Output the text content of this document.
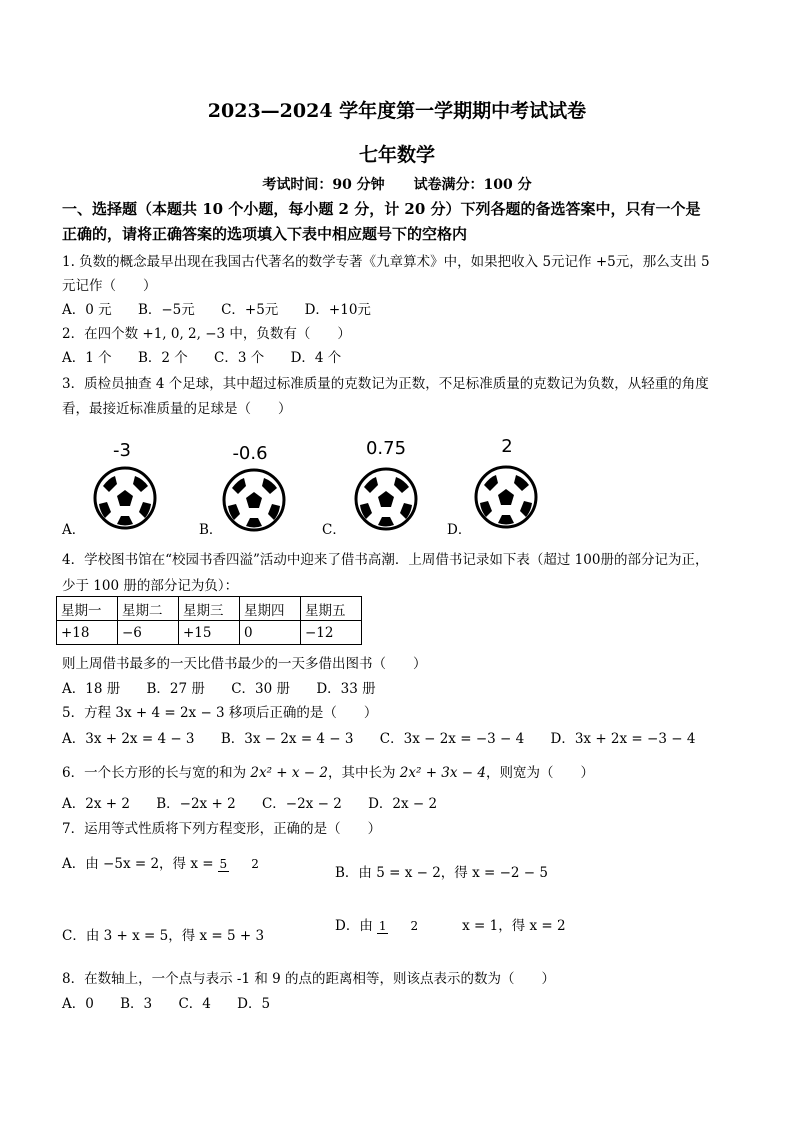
2023—2024 学年度第一学期期中考试试卷
七年数学
考试时间：90 分钟 试卷满分：100 分
一、选择题（本题共 10 个小题，每小题 2 分，计 20 分）下列各题的备选答案中，只有一个是
正确的，请将正确答案的选项填入下表中相应题号下的空格内
1. 负数的概念最早出现在我国古代著名的数学专著《九章算术》中，如果把收入 5元记作 +5元，那么支出 5
元记作（　　）
A．0 元 B．−5元 C．+5元 D．+10元
2．在四个数 +1, 0, 2, −3 中，负数有（　　）
A．1 个 B．2 个 C．3 个 D．4 个
3．质检员抽查 4 个足球，其中超过标准质量的克数记为正数，不足标准质量的克数记为负数，从轻重的角度
看，最接近标准质量的足球是（　　）
-3	-0.6	0.75	2
A．	B．	C．	D．
4．学校图书馆在“校园书香四溢”活动中迎来了借书高潮．上周借书记录如下表（超过 100册的部分记为正，
少于 100 册的部分记为负）：
星期一	星期二	星期三	星期四	星期五
+18	−6	+15	0	−12
则上周借书最多的一天比借书最少的一天多借出图书（　　）
A．18 册 B．27 册 C．30 册 D．33 册
5．方程 3x + 4 = 2x − 3 移项后正确的是（　　）
A．3x + 2x = 4 − 3 B．3x − 2x = 4 − 3 C．3x − 2x = −3 − 4 D．3x + 2x = −3 − 4
6．一个长方形的长与宽的和为 2x² + x − 2，其中长为 2x² + 3x − 4，则宽为（　　）
A．2x + 2 B．−2x + 2 C．−2x − 2 D．2x − 2
7．运用等式性质将下列方程变形，正确的是（　　）
A．由 −5x = 2，得 x = 5 2
B．由 5 = x − 2，得 x = −2 − 5
C．由 3 + x = 5，得 x = 5 + 3
D．由 1 2	x = 1，得 x = 2
8．在数轴上，一个点与表示 -1 和 9 的点的距离相等，则该点表示的数为（　　）
A．0 B．3 C．4 D．5
